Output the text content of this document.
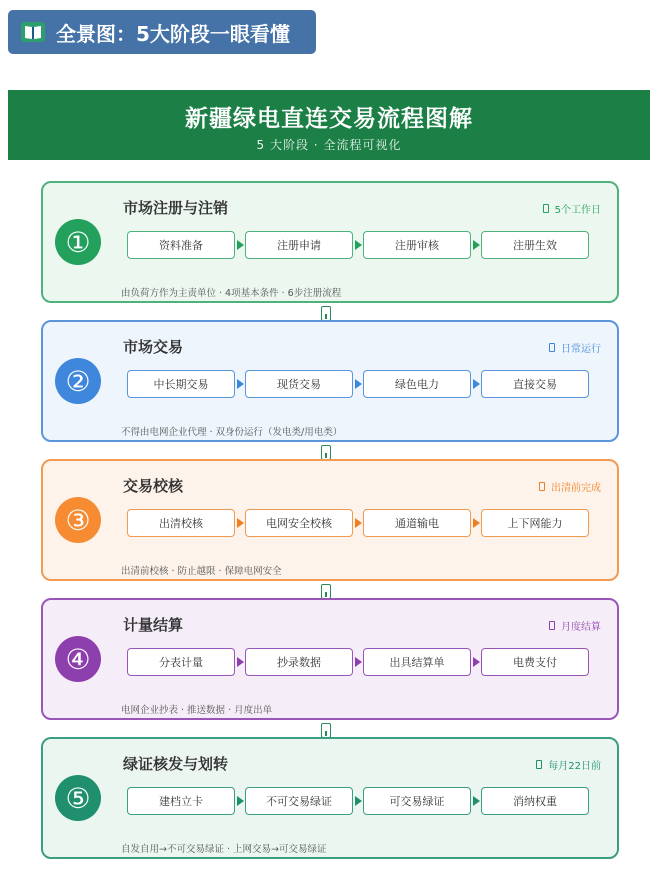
全景图：5大阶段一眼看懂
新疆绿电直连交易流程图解
5 大阶段 · 全流程可视化
①
市场注册与注销	5个工作日
资料准备	注册申请	注册审核	注册生效
由负荷方作为主责单位 · 4项基本条件 · 6步注册流程
②
市场交易	日常运行
中长期交易	现货交易	绿色电力	直接交易
不得由电网企业代理 · 双身份运行（发电类/用电类）
③
交易校核	出清前完成
出清校核	电网安全校核	通道输电	上下网能力
出清前校核 · 防止越限 · 保障电网安全
④
计量结算	月度结算
分表计量	抄录数据	出具结算单	电费支付
电网企业抄表 · 推送数据 · 月度出单
⑤
绿证核发与划转	每月22日前
建档立卡	不可交易绿证	可交易绿证	消纳权重
自发自用→不可交易绿证 · 上网交易→可交易绿证
